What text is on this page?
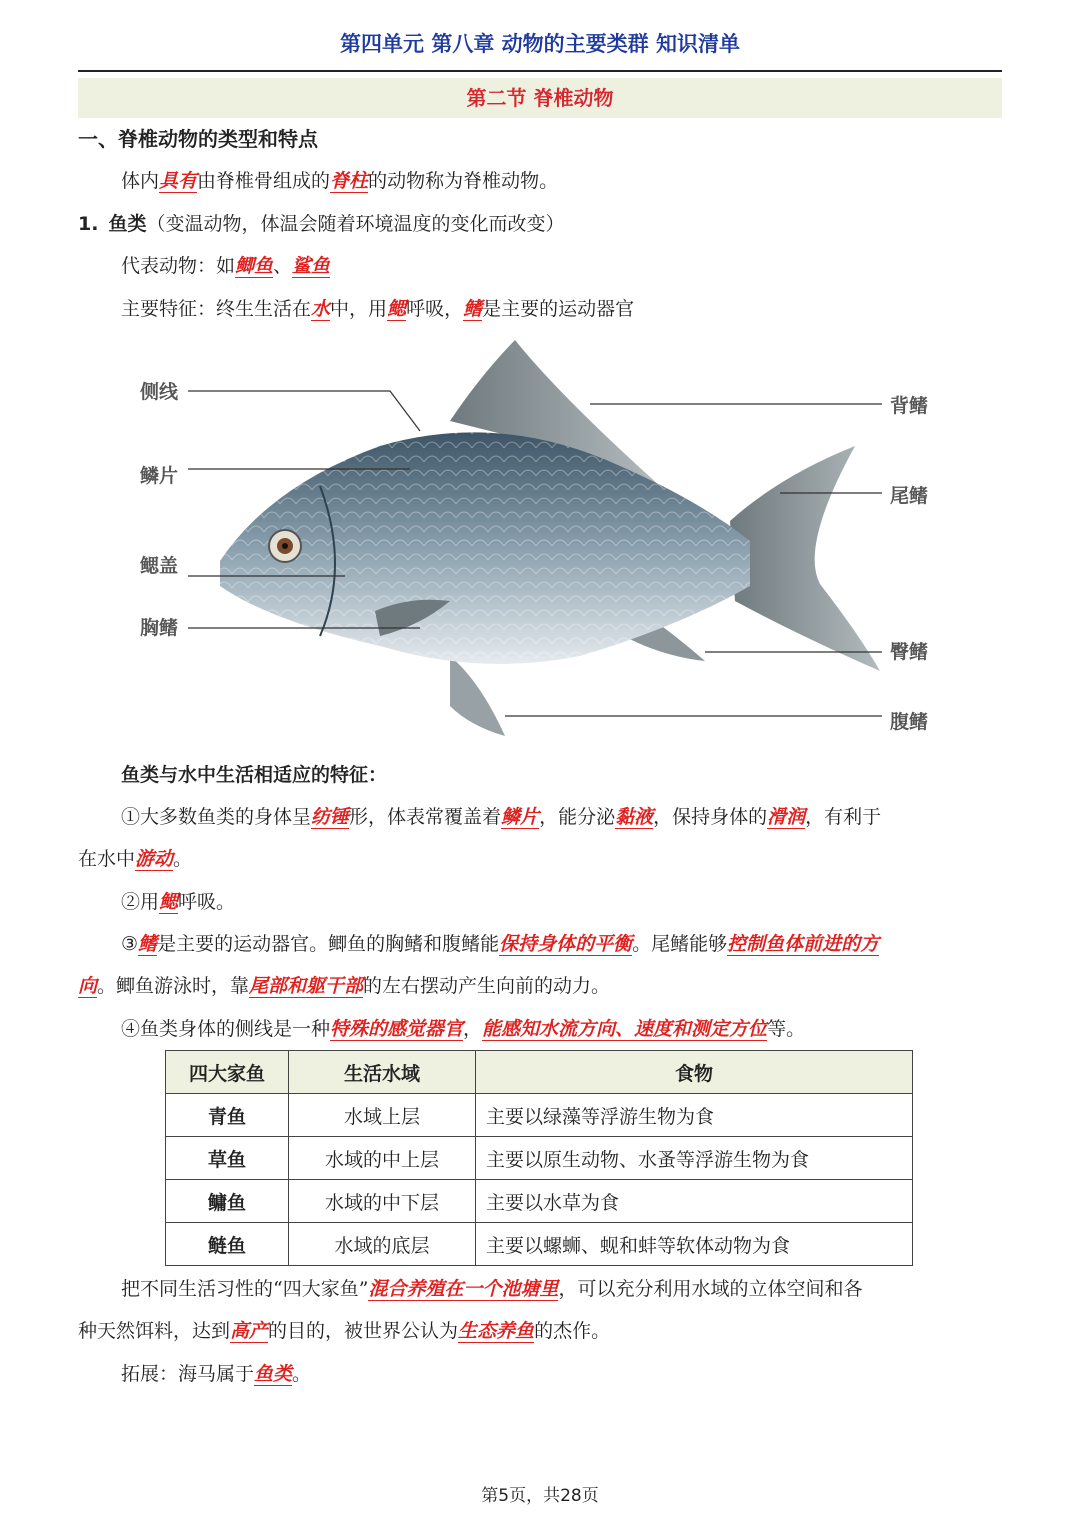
第四单元 第八章 动物的主要类群 知识清单
第二节 脊椎动物
一、脊椎动物的类型和特点
体内具有由脊椎骨组成的脊柱的动物称为脊椎动物。
1. 鱼类（变温动物，体温会随着环境温度的变化而改变）
代表动物：如鲫鱼、鲨鱼
主要特征：终生生活在水中，用鳃呼吸，鳍是主要的运动器官
侧线
鳞片
鳃盖
胸鳍
背鳍
尾鳍
臀鳍
腹鳍
鱼类与水中生活相适应的特征：
①大多数鱼类的身体呈纺锤形，体表常覆盖着鳞片，能分泌黏液，保持身体的滑润，有利于
在水中游动。
②用鳃呼吸。
③鳍是主要的运动器官。鲫鱼的胸鳍和腹鳍能保持身体的平衡。尾鳍能够控制鱼体前进的方
向。鲫鱼游泳时，靠尾部和躯干部的左右摆动产生向前的动力。
④鱼类身体的侧线是一种特殊的感觉器官，能感知水流方向、速度和测定方位等。
四大家鱼	生活水域	食物
青鱼	水域上层	主要以绿藻等浮游生物为食
草鱼	水域的中上层	主要以原生动物、水蚤等浮游生物为食
鳙鱼	水域的中下层	主要以水草为食
鲢鱼	水域的底层	主要以螺蛳、蚬和蚌等软体动物为食
把不同生活习性的“四大家鱼”混合养殖在一个池塘里，可以充分利用水域的立体空间和各
种天然饵料，达到高产的目的，被世界公认为生态养鱼的杰作。
拓展：海马属于鱼类。
第5页，共28页
